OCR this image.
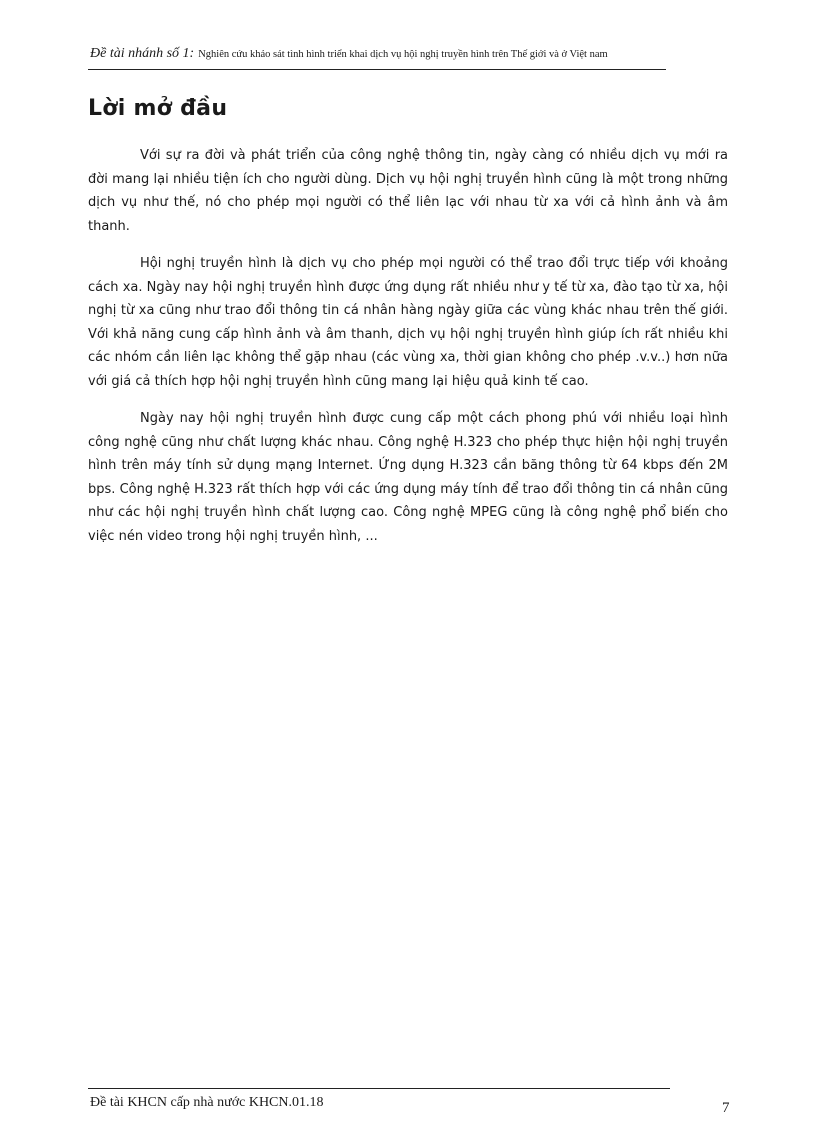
Đề tài nhánh số 1: Nghiên cứu khảo sát tình hình triển khai dịch vụ hội nghị truyền hình trên Thế giới và ở Việt nam
Lời mở đầu

Với sự ra đời và phát triển của công nghệ thông tin, ngày càng có nhiều dịch vụ mới ra đời mang lại nhiều tiện ích cho người dùng. Dịch vụ hội nghị truyền hình cũng là một trong những dịch vụ như thế, nó cho phép mọi người có thể liên lạc với nhau từ xa với cả hình ảnh và âm thanh.

Hội nghị truyền hình là dịch vụ cho phép mọi người có thể trao đổi trực tiếp với khoảng cách xa. Ngày nay hội nghị truyền hình được ứng dụng rất nhiều như y tế từ xa, đào tạo từ xa, hội nghị từ xa cũng như trao đổi thông tin cá nhân hàng ngày giữa các vùng khác nhau trên thế giới. Với khả năng cung cấp hình ảnh và âm thanh, dịch vụ hội nghị truyền hình giúp ích rất nhiều khi các nhóm cần liên lạc không thể gặp nhau (các vùng xa, thời gian không cho phép .v.v..) hơn nữa với giá cả thích hợp hội nghị truyền hình cũng mang lại hiệu quả kinh tế cao.

Ngày nay hội nghị truyền hình được cung cấp một cách phong phú với nhiều loại hình công nghệ cũng như chất lượng khác nhau. Công nghệ H.323 cho phép thực hiện hội nghị truyền hình trên máy tính sử dụng mạng Internet. Ứng dụng H.323 cần băng thông từ 64 kbps đến 2M bps. Công nghệ H.323 rất thích hợp với các ứng dụng máy tính để trao đổi thông tin cá nhân cũng như các hội nghị truyền hình chất lượng cao. Công nghệ MPEG cũng là công nghệ phổ biến cho việc nén video trong hội nghị truyền hình, ...

Đề tài KHCN cấp nhà nước KHCN.01.18	7
